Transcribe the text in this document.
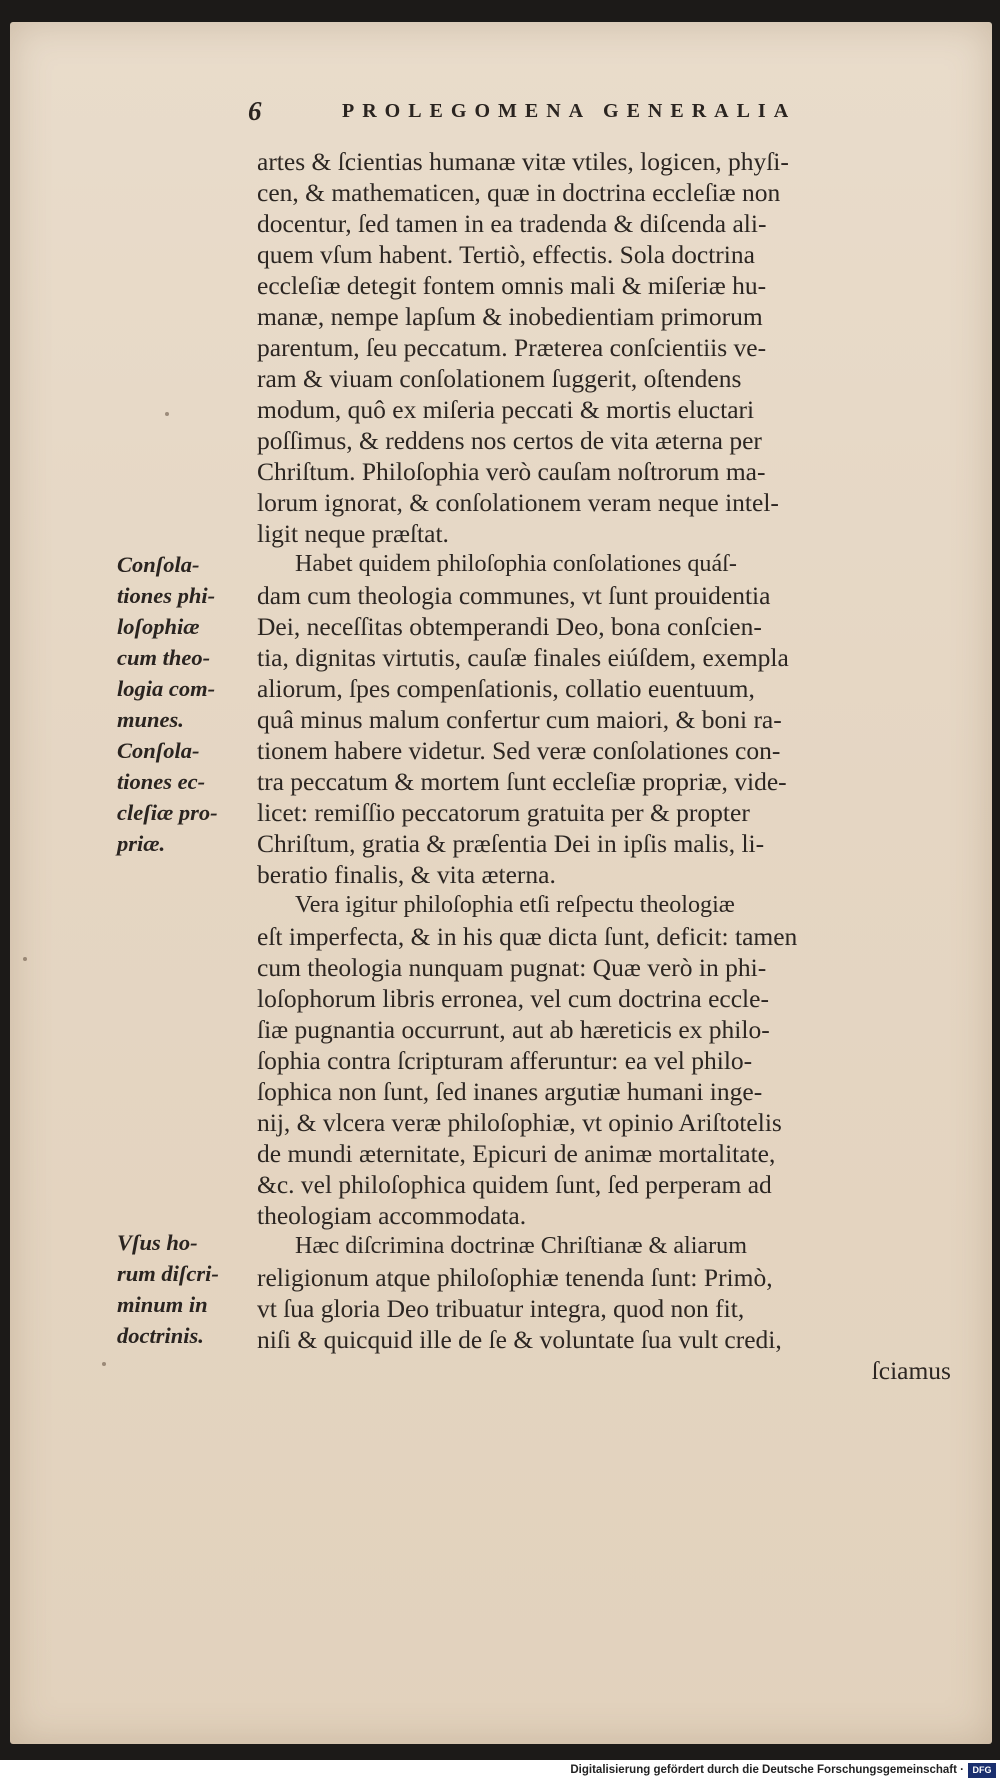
6	PROLEGOMENA GENERALIA
artes & ſcientias humanæ vitæ vtiles, logicen, phyſi-
cen, & mathematicen, quæ in doctrina eccleſiæ non
docentur, ſed tamen in ea tradenda & diſcenda ali-
quem vſum habent. Tertiò, effectis. Sola doctrina
eccleſiæ detegit fontem omnis mali & miſeriæ hu-
manæ, nempe lapſum & inobedientiam primorum
parentum, ſeu peccatum. Præterea conſcientiis ve-
ram & viuam conſolationem ſuggerit, oſtendens
modum, quô ex miſeria peccati & mortis eluctari
poſſimus, & reddens nos certos de vita æterna per
Chriſtum. Philoſophia verò cauſam noſtrorum ma-
lorum ignorat, & conſolationem veram neque intel-
ligit neque præſtat.
Habet quidem philoſophia conſolationes quáſ-
dam cum theologia communes, vt ſunt prouidentia
Dei, neceſſitas obtemperandi Deo, bona conſcien-
tia, dignitas virtutis, cauſæ finales eiúſdem, exempla
aliorum, ſpes compenſationis, collatio euentuum,
quâ minus malum confertur cum maiori, & boni ra-
tionem habere videtur. Sed veræ conſolationes con-
tra peccatum & mortem ſunt eccleſiæ propriæ, vide-
licet: remiſſio peccatorum gratuita per & propter
Chriſtum, gratia & præſentia Dei in ipſis malis, li-
beratio finalis, & vita æterna.
Vera igitur philoſophia etſi reſpectu theologiæ
eſt imperfecta, & in his quæ dicta ſunt, deficit: tamen
cum theologia nunquam pugnat: Quæ verò in phi-
loſophorum libris erronea, vel cum doctrina eccle-
ſiæ pugnantia occurrunt, aut ab hæreticis ex philo-
ſophia contra ſcripturam afferuntur: ea vel philo-
ſophica non ſunt, ſed inanes argutiæ humani inge-
nij, & vlcera veræ philoſophiæ, vt opinio Ariſtotelis
de mundi æternitate, Epicuri de animæ mortalitate,
&c. vel philoſophica quidem ſunt, ſed perperam ad
theologiam accommodata.
Hæc diſcrimina doctrinæ Chriſtianæ & aliarum
religionum atque philoſophiæ tenenda ſunt: Primò,
vt ſua gloria Deo tribuatur integra, quod non fit,
niſi & quicquid ille de ſe & voluntate ſua vult credi,
ſciamus
Conſola-
tiones phi-
loſophiæ
cum theo-
logia com-
munes.
Conſola-
tiones ec-
cleſiæ pro-
priæ.
Vſus ho-
rum diſcri-
minum in
doctrinis.
Digitalisierung gefördert durch die Deutsche Forschungsgemeinschaft · DFG
